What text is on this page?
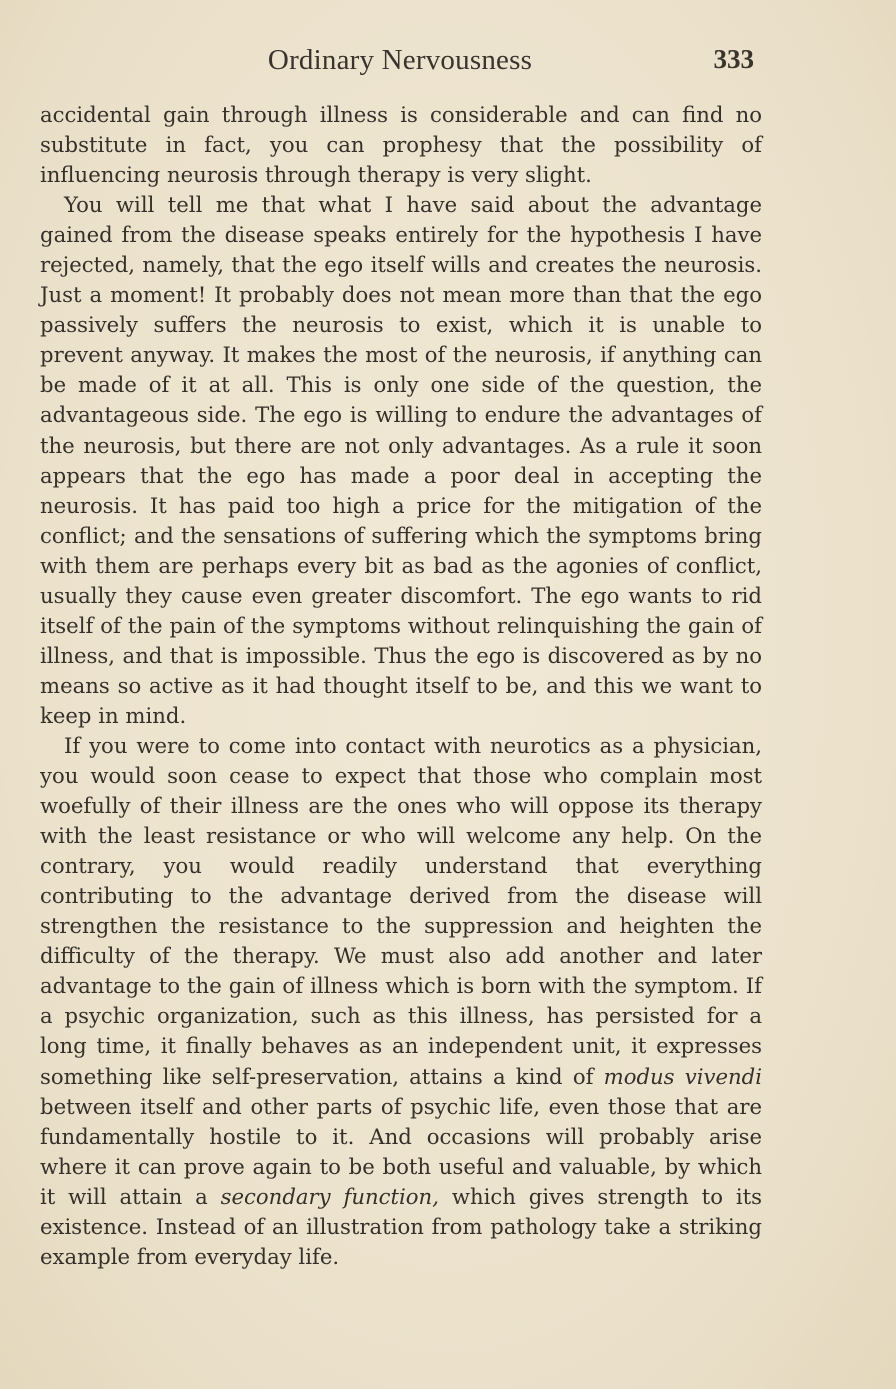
Ordinary Nervousness	333

accidental gain through illness is considerable and can find no substitute in fact, you can prophesy that the possibility of influencing neurosis through therapy is very slight.

You will tell me that what I have said about the advantage gained from the disease speaks entirely for the hypothesis I have rejected, namely, that the ego itself wills and creates the neurosis. Just a moment! It probably does not mean more than that the ego passively suffers the neurosis to exist, which it is unable to prevent anyway. It makes the most of the neurosis, if anything can be made of it at all. This is only one side of the question, the advantageous side. The ego is willing to endure the advantages of the neurosis, but there are not only advantages. As a rule it soon appears that the ego has made a poor deal in accepting the neurosis. It has paid too high a price for the mitigation of the conflict; and the sensations of suffering which the symptoms bring with them are perhaps every bit as bad as the agonies of conflict, usually they cause even greater discomfort. The ego wants to rid itself of the pain of the symptoms without relinquishing the gain of illness, and that is impossible. Thus the ego is discovered as by no means so active as it had thought itself to be, and this we want to keep in mind.

If you were to come into contact with neurotics as a physician, you would soon cease to expect that those who complain most woefully of their illness are the ones who will oppose its therapy with the least resistance or who will welcome any help. On the contrary, you would readily understand that everything contributing to the advantage derived from the disease will strengthen the resistance to the suppression and heighten the difficulty of the therapy. We must also add another and later advantage to the gain of illness which is born with the symptom. If a psychic organization, such as this illness, has persisted for a long time, it finally behaves as an independent unit, it expresses something like self-preservation, attains a kind of modus vivendi between itself and other parts of psychic life, even those that are fundamentally hostile to it. And occasions will probably arise where it can prove again to be both useful and valuable, by which it will attain a secondary function, which gives strength to its existence. Instead of an illustration from pathology take a striking example from everyday life.
